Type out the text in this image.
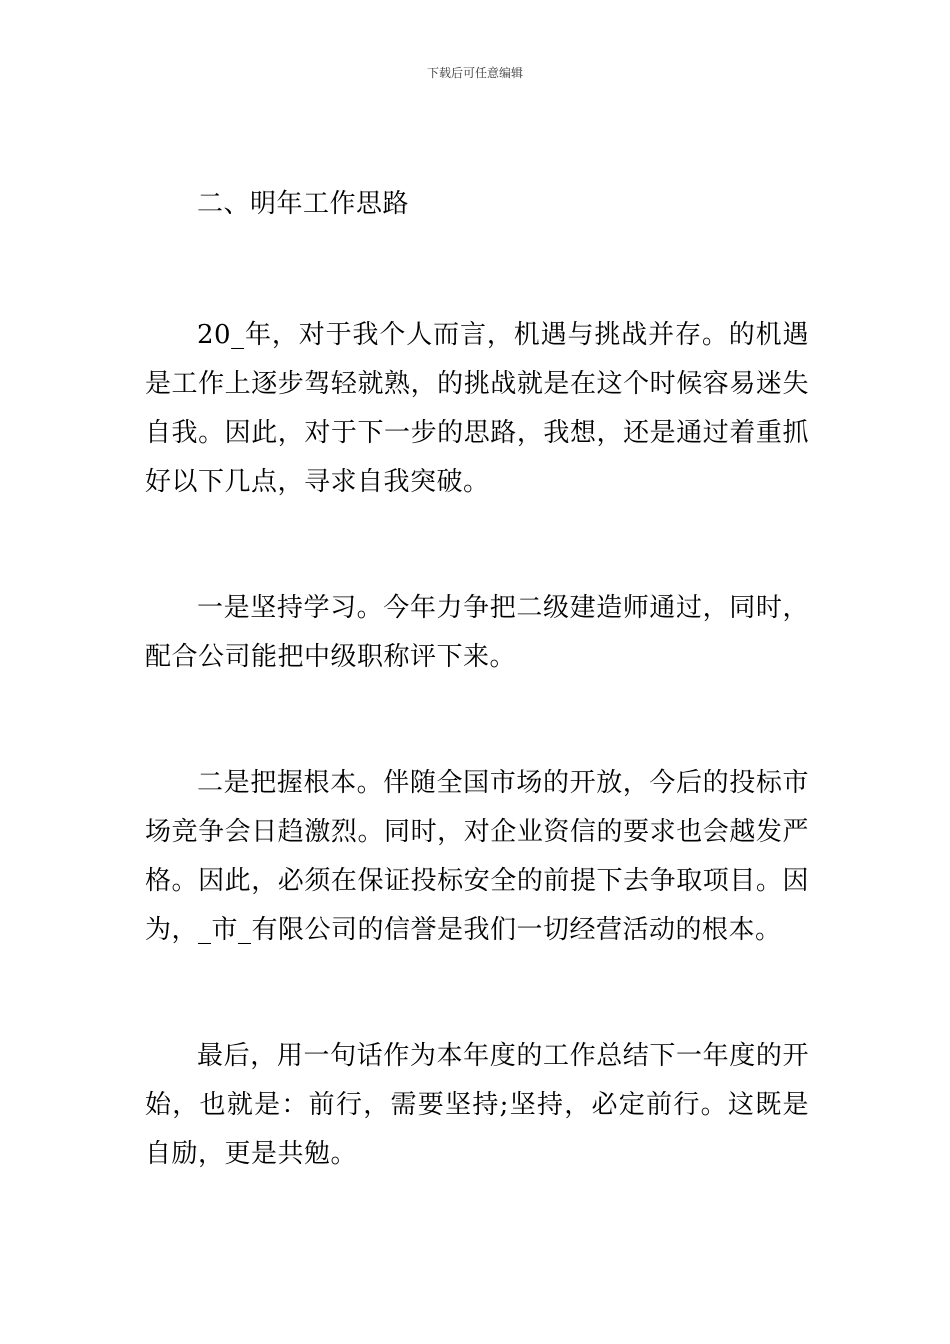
下载后可任意编辑

二、明年工作思路

20_年，对于我个人而言，机遇与挑战并存。的机遇是工作上逐步驾轻就熟，的挑战就是在这个时候容易迷失自我。因此，对于下一步的思路，我想，还是通过着重抓好以下几点，寻求自我突破。

一是坚持学习。今年力争把二级建造师通过，同时，配合公司能把中级职称评下来。

二是把握根本。伴随全国市场的开放，今后的投标市场竞争会日趋激烈。同时，对企业资信的要求也会越发严格。因此，必须在保证投标安全的前提下去争取项目。因为，_市_有限公司的信誉是我们一切经营活动的根本。

最后，用一句话作为本年度的工作总结下一年度的开始，也就是：前行，需要坚持;坚持，必定前行。这既是自励，更是共勉。
